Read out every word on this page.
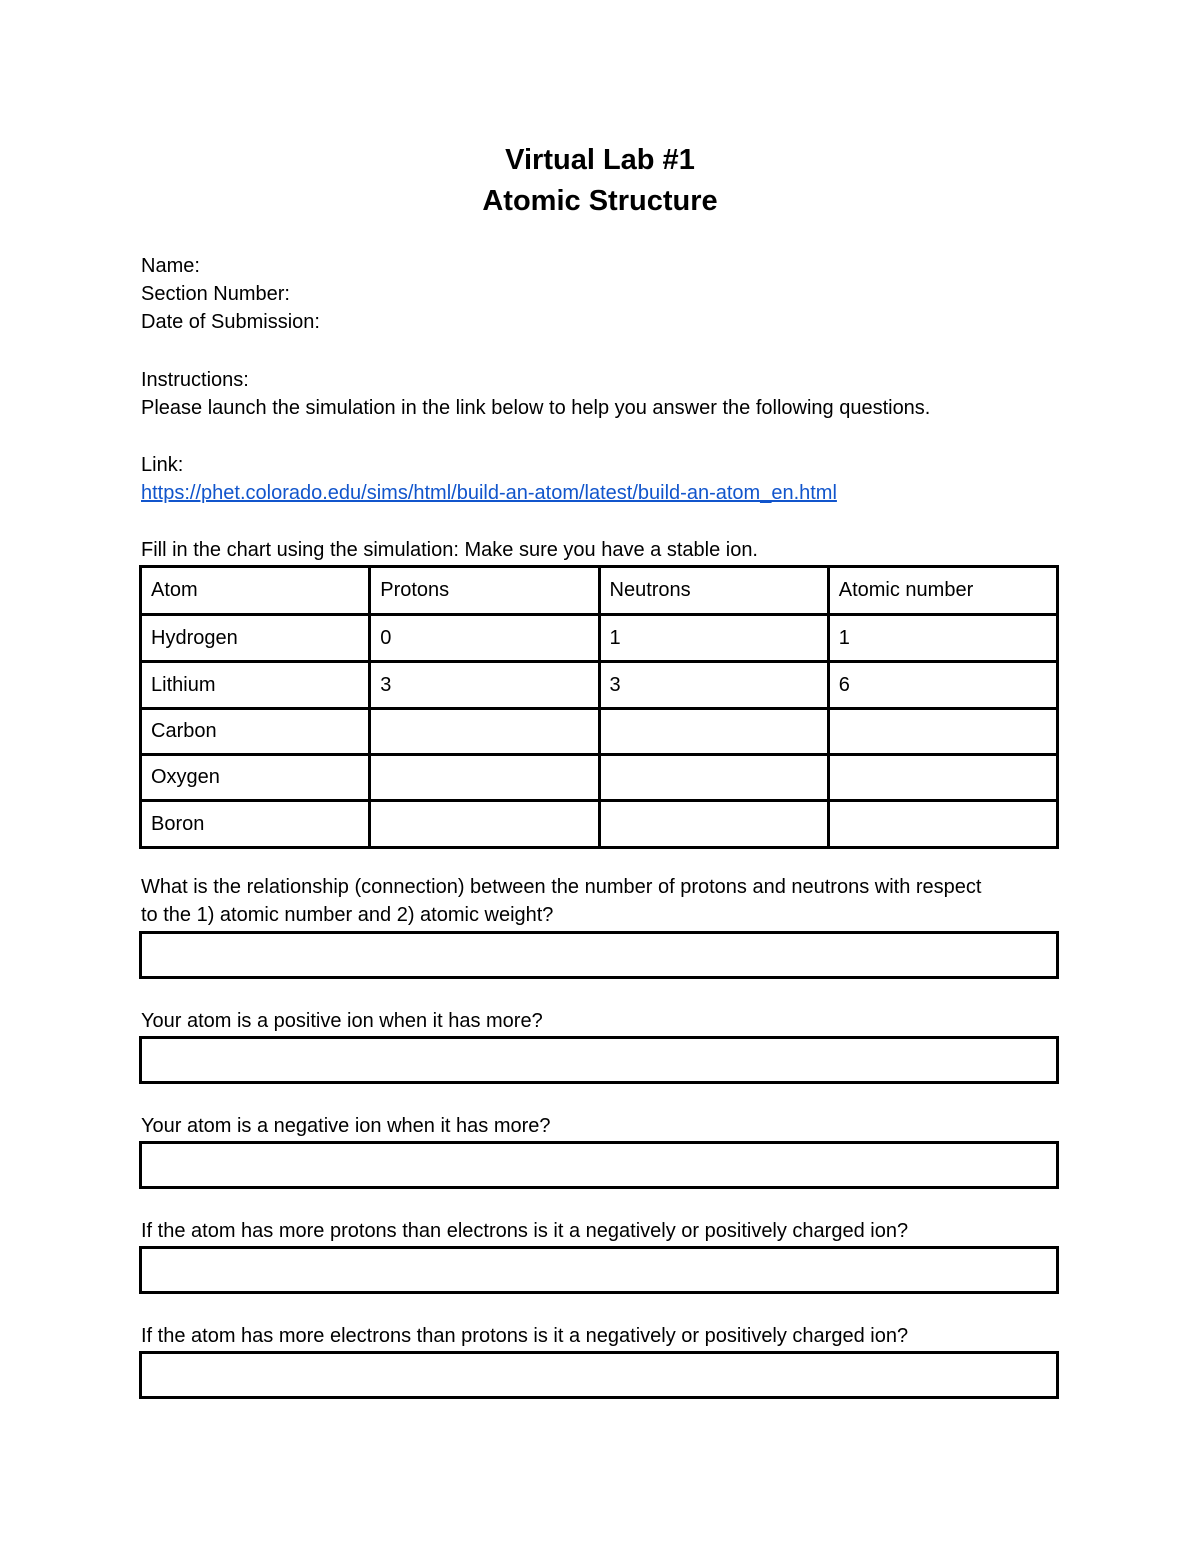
Virtual Lab #1
Atomic Structure
Name:
Section Number:
Date of Submission:
Instructions:
Please launch the simulation in the link below to help you answer the following questions.
Link:
https://phet.colorado.edu/sims/html/build-an-atom/latest/build-an-atom_en.html
Fill in the chart using the simulation: Make sure you have a stable ion.
Atom	Protons	Neutrons	Atomic number
Hydrogen	0	1	1
Lithium	3	3	6
Carbon			
Oxygen			
Boron			
What is the relationship (connection) between the number of protons and neutrons with respect
to the 1) atomic number and 2) atomic weight?
Your atom is a positive ion when it has more?
Your atom is a negative ion when it has more?
If the atom has more protons than electrons is it a negatively or positively charged ion?
If the atom has more electrons than protons is it a negatively or positively charged ion?
